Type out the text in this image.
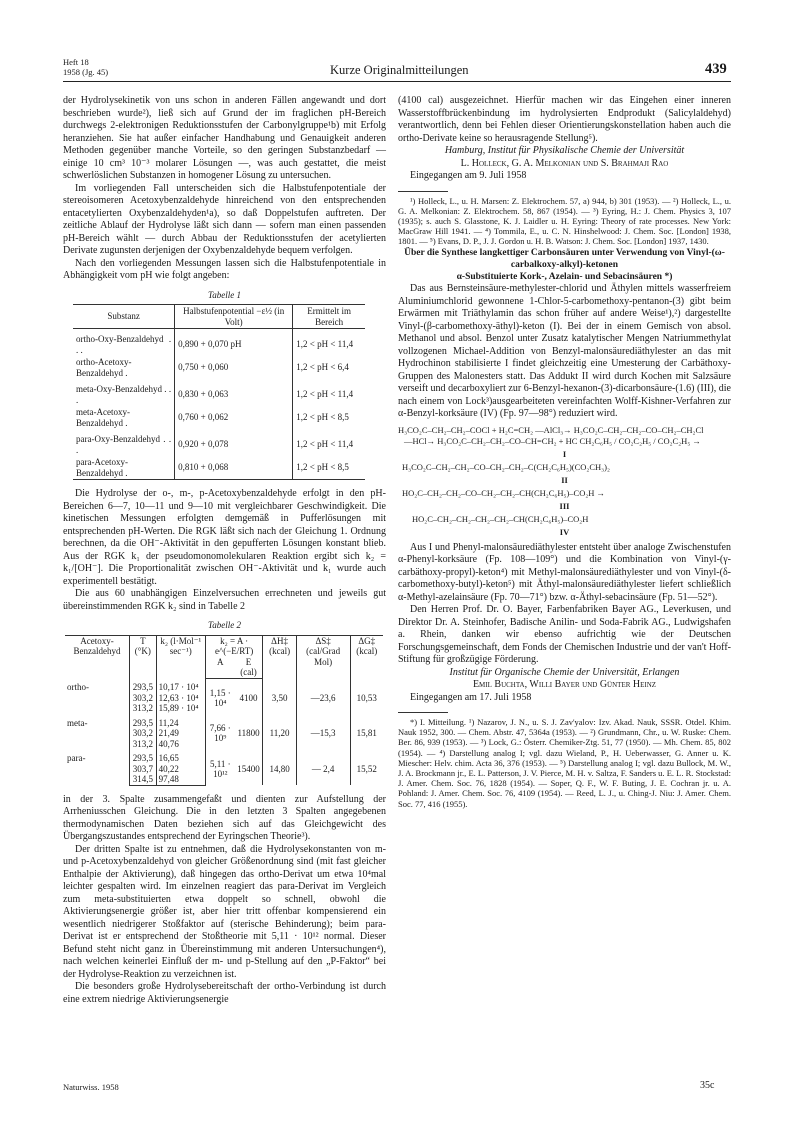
Heft 18
1958 (Jg. 45)	Kurze Originalmitteilungen	439

der Hydrolysekinetik von uns schon in anderen Fällen angewandt und dort beschrieben wurde²), ließ sich auf Grund der im fraglichen pH-Bereich durchwegs 2-elektronigen Reduktionsstufen der Carbonylgruppe¹b) mit Erfolg heranziehen. Sie hat außer einfacher Handhabung und Genauigkeit anderen Methoden gegenüber manche Vorteile, so den geringen Substanzbedarf — einige 10 cm³ 10⁻³ molarer Lösungen —, was auch gestattet, die meist schwerlöslichen Substanzen in homogener Lösung zu untersuchen.

Im vorliegenden Fall unterscheiden sich die Halbstufenpotentiale der stereoisomeren Acetoxybenzaldehyde hinreichend von den entsprechenden entacetylierten Oxybenzaldehyden¹a), so daß Doppelstufen auftreten. Der zeitliche Ablauf der Hydrolyse läßt sich dann — sofern man einen passenden pH-Bereich wählt — durch Abbau der Reduktionsstufen der acetylierten Derivate zugunsten derjenigen der Oxybenzaldehyde bequem verfolgen.

Nach den vorliegenden Messungen lassen sich die Halbstufenpotentiale in Abhängigkeit vom pH wie folgt angeben:

Tabelle 1
Substanz	Halbstufenpotential −ε½ (in Volt)	Ermittelt im Bereich
ortho-Oxy-Benzaldehyd . . .	0,890 + 0,070 pH	1,2 < pH < 11,4
ortho-Acetoxy-Benzaldehyd .	0,750 + 0,060	1,2 < pH < 6,4
meta-Oxy-Benzaldehyd . . .	0,830 + 0,063	1,2 < pH < 11,4
meta-Acetoxy-Benzaldehyd .	0,760 + 0,062	1,2 < pH < 8,5
para-Oxy-Benzaldehyd . . .	0,920 + 0,078	1,2 < pH < 11,4
para-Acetoxy-Benzaldehyd .	0,810 + 0,068	1,2 < pH < 8,5

Die Hydrolyse der o-, m-, p-Acetoxybenzaldehyde erfolgt in den pH-Bereichen 6—7, 10—11 und 9—10 mit vergleichbarer Geschwindigkeit. Die kinetischen Messungen erfolgten demgemäß in Pufferlösungen mit entsprechenden pH-Werten. Die RGK läßt sich nach der Gleichung 1. Ordnung berechnen, da die OH⁻-Aktivität in den gepufferten Lösungen konstant blieb. Aus der RGK k₁ der pseudomonomolekularen Reaktion ergibt sich k₂ = k₁/[OH⁻]. Die Proportionalität zwischen OH⁻-Aktivität und k₁ wurde auch experimentell bestätigt.

Die aus 60 unabhängigen Einzelversuchen errechneten und jeweils gut übereinstimmenden RGK k₂ sind in Tabelle 2

Tabelle 2
Acetoxy-Benzaldehyd	T (°K)	k₂ (l·Mol⁻¹ sec⁻¹)	k₂ = A · e^(−E/RT)		ΔH‡ (kcal)	ΔS‡ (cal/Grad Mol)	ΔG‡ (kcal)
			A	E (cal)			
ortho-	293,5	10,17 · 10⁴	1,15 · 10⁴	4100	3,50	—23,6	10,53
	303,2	12,63 · 10⁴					
	313,2	15,89 · 10⁴					
meta-	293,5	11,24	7,66 · 10⁹	11800	11,20	—15,3	15,81
	303,2	21,49					
	313,2	40,76					
para-	293,5	16,65	5,11 · 10¹²	15400	14,80	— 2,4	15,52
	303,7	40,22					
	314,5	97,48					

in der 3. Spalte zusammengefaßt und dienten zur Aufstellung der Arrheniusschen Gleichung. Die in den letzten 3 Spalten angegebenen thermodynamischen Daten beziehen sich auf das Gleichgewicht des Übergangszustandes entsprechend der Eyringschen Theorie³).

Der dritten Spalte ist zu entnehmen, daß die Hydrolysekonstanten von m- und p-Acetoxybenzaldehyd von gleicher Größenordnung sind (mit fast gleicher Enthalpie der Aktivierung), daß hingegen das ortho-Derivat um etwa 10⁴mal leichter gespalten wird. Im einzelnen reagiert das para-Derivat im Vergleich zum meta-substituierten etwa doppelt so schnell, obwohl die Aktivierungsenergie größer ist, aber hier tritt offenbar kompensierend ein wesentlich niedrigerer Stoßfaktor auf (sterische Behinderung); beim para-Derivat ist er entsprechend der Stoßtheorie mit 5,11 · 10¹² normal. Dieser Befund steht nicht ganz in Übereinstimmung mit anderen Untersuchungen⁴), nach welchen keinerlei Einfluß der m- und p-Stellung auf den „P-Faktor“ bei der Hydrolyse-Reaktion zu verzeichnen ist.

Die besonders große Hydrolysebereitschaft der ortho-Verbindung ist durch eine extrem niedrige Aktivierungsenergie

(4100 cal) ausgezeichnet. Hierfür machen wir das Eingehen einer inneren Wasserstoffbrückenbindung im hydrolysierten Endprodukt (Salicylaldehyd) verantwortlich, denn bei Fehlen dieser Orientierungskonstellation haben auch die ortho-Derivate keine so herausragende Stellung⁵).

Hamburg, Institut für Physikalische Chemie der Universität

L. Holleck, G. A. Melkonian und S. Brahmaji Rao

Eingegangen am 9. Juli 1958

¹) Holleck, L., u. H. Marsen: Z. Elektrochem. 57, a) 944, b) 301 (1953). — ²) Holleck, L., u. G. A. Melkonian: Z. Elektrochem. 58, 867 (1954). — ³) Eyring, H.: J. Chem. Physics 3, 107 (1935); s. auch S. Glasstone, K. J. Laidler u. H. Eyring: Theory of rate processes. New York: MacGraw Hill 1941. — ⁴) Tommila, E., u. C. N. Hinshelwood: J. Chem. Soc. [London] 1938, 1801. — ⁵) Evans, D. P., J. J. Gordon u. H. B. Watson: J. Chem. Soc. [London] 1937, 1430.

Über die Synthese langkettiger Carbonsäuren unter Verwendung von Vinyl-(ω-carbalkoxy-alkyl)-ketonen

α-Substituierte Kork-, Azelain- und Sebacinsäuren *)

Das aus Bernsteinsäure-methylester-chlorid und Äthylen mittels wasserfreiem Aluminiumchlorid gewonnene 1-Chlor-5-carbomethoxy-pentanon-(3) gibt beim Erwärmen mit Triäthylamin das schon früher auf andere Weise¹),²) dargestellte Vinyl-(β-carbomethoxy-äthyl)-keton (I). Bei der in einem Gemisch von absol. Methanol und absol. Benzol unter Zusatz katalytischer Mengen Natriummethylat vollzogenen Michael-Addition von Benzyl-malonsäurediäthylester an das mit Hydrochinon stabilisierte I findet gleichzeitig eine Umesterung der Carbäthoxy-Gruppen des Malonesters statt. Das Addukt II wird durch Kochen mit Salzsäure verseift und decarboxyliert zur 6-Benzyl-hexanon-(3)-dicarbonsäure-(1.6) (III), die nach einem von Lock³)ausgearbeiteten vereinfachten Wolff-Kishner-Verfahren zur α-Benzyl-korksäure (IV) (Fp. 97—98°) reduziert wird.

H₃CO₂C–CH₂–CH₂–COCl + H₂C=CH₂ —AlCl₃→ H₃CO₂C–CH₂–CH₂–CO–CH₂–CH₂Cl
—HCl→ H₃CO₂C–CH₂–CH₂–CO–CH=CH₂ + HC CH₂C₆H₅ / CO₂C₂H₅ / CO₂C₂H₅ →
I
H₃CO₂C–CH₂–CH₂–CO–CH₂–CH₂–C(CH₂C₆H₅)(CO₂CH₃)₂
II
HO₂C–CH₂–CH₂–CO–CH₂–CH₂–CH(CH₂C₆H₅)–CO₂H →
III
HO₂C–CH₂–CH₂–CH₂–CH₂–CH(CH₂C₆H₅)–CO₂H
IV

Aus I und Phenyl-malonsäurediäthylester entsteht über analoge Zwischenstufen α-Phenyl-korksäure (Fp. 108—109°) und die Kombination von Vinyl-(γ-carbäthoxy-propyl)-keton⁴) mit Methyl-malonsäurediäthylester und von Vinyl-(δ-carbomethoxy-butyl)-keton⁵) mit Äthyl-malonsäurediäthylester liefert schließlich α-Methyl-azelainsäure (Fp. 70—71°) bzw. α-Äthyl-sebacinsäure (Fp. 51—52°).

Den Herren Prof. Dr. O. Bayer, Farbenfabriken Bayer AG., Leverkusen, und Direktor Dr. A. Steinhofer, Badische Anilin- und Soda-Fabrik AG., Ludwigshafen a. Rhein, danken wir ebenso aufrichtig wie der Deutschen Forschungsgemeinschaft, dem Fonds der Chemischen Industrie und der van't Hoff-Stiftung für großzügige Förderung.

Institut für Organische Chemie der Universität, Erlangen

Emil Buchta, Willi Bayer und Günter Heinz

Eingegangen am 17. Juli 1958

*) I. Mitteilung. ¹) Nazarov, J. N., u. S. J. Zav'yalov: Izv. Akad. Nauk, SSSR. Otdel. Khim. Nauk 1952, 300. — Chem. Abstr. 47, 5364a (1953). — ²) Grundmann, Chr., u. W. Ruske: Chem. Ber. 86, 939 (1953). — ³) Lock, G.: Österr. Chemiker-Ztg. 51, 77 (1950). — Mh. Chem. 85, 802 (1954). — ⁴) Darstellung analog I; vgl. dazu Wieland, P., H. Ueberwasser, G. Anner u. K. Miescher: Helv. chim. Acta 36, 376 (1953). — ⁵) Darstellung analog I; vgl. dazu Bullock, M. W., J. A. Brockmann jr., E. L. Patterson, J. V. Pierce, M. H. v. Saltza, F. Sanders u. E. L. R. Stockstad: J. Amer. Chem. Soc. 76, 1828 (1954). — Soper, Q. F., W. F. Buting, J. E. Cochran jr. u. A. Pohland: J. Amer. Chem. Soc. 76, 4109 (1954). — Reed, L. J., u. Ching-J. Niu: J. Amer. Chem. Soc. 77, 416 (1955).

Naturwiss. 1958	35c
